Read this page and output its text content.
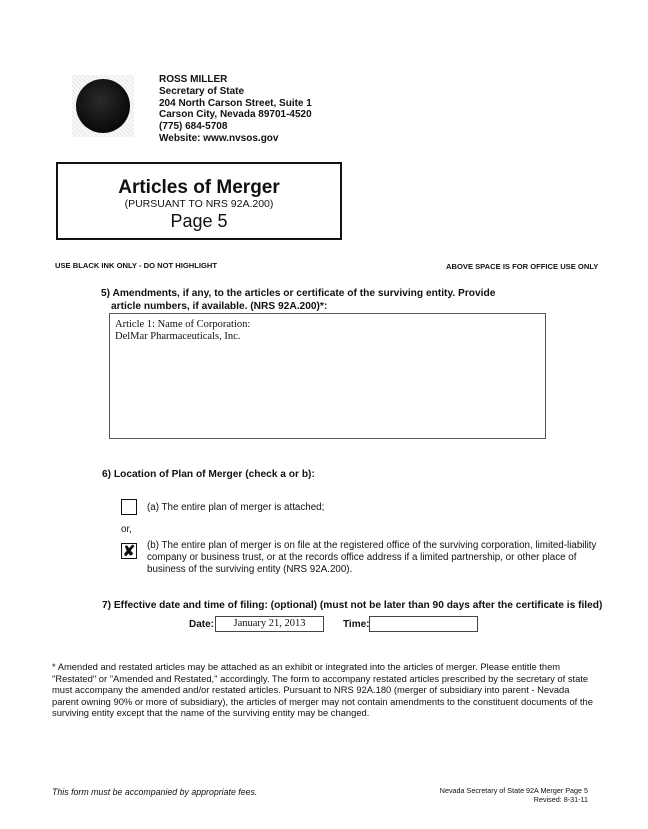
ROSS MILLER
Secretary of State
204 North Carson Street, Suite 1
Carson City, Nevada 89701-4520
(775) 684-5708
Website: www.nvsos.gov
Articles of Merger
(PURSUANT TO NRS 92A.200)
Page 5
USE BLACK INK ONLY - DO NOT HIGHLIGHT	ABOVE SPACE IS FOR OFFICE USE ONLY
5) Amendments, if any, to the articles or certificate of the surviving entity. Provide
article numbers, if available. (NRS 92A.200)*:
Article 1: Name of Corporation:
DelMar Pharmaceuticals, Inc.
6) Location of Plan of Merger (check a or b):
(a) The entire plan of merger is attached;
or,
✘ (b) The entire plan of merger is on file at the registered office of the surviving corporation, limited-liability
company or business trust, or at the records office address if a limited partnership, or other place of
business of the surviving entity (NRS 92A.200).
7) Effective date and time of filing: (optional) (must not be later than 90 days after the certificate is filed)
Date:	January 21, 2013	Time:
* Amended and restated articles may be attached as an exhibit or integrated into the articles of merger. Please entitle them "Restated" or "Amended and Restated," accordingly. The form to accompany restated articles prescribed by the secretary of state must accompany the amended and/or restated articles. Pursuant to NRS 92A.180 (merger of subsidiary into parent - Nevada parent owning 90% or more of subsidiary), the articles of merger may not contain amendments to the constituent documents of the surviving entity except that the name of the surviving entity may be changed.
This form must be accompanied by appropriate fees.	Nevada Secretary of State 92A Merger Page 5
Revised: 8-31-11
